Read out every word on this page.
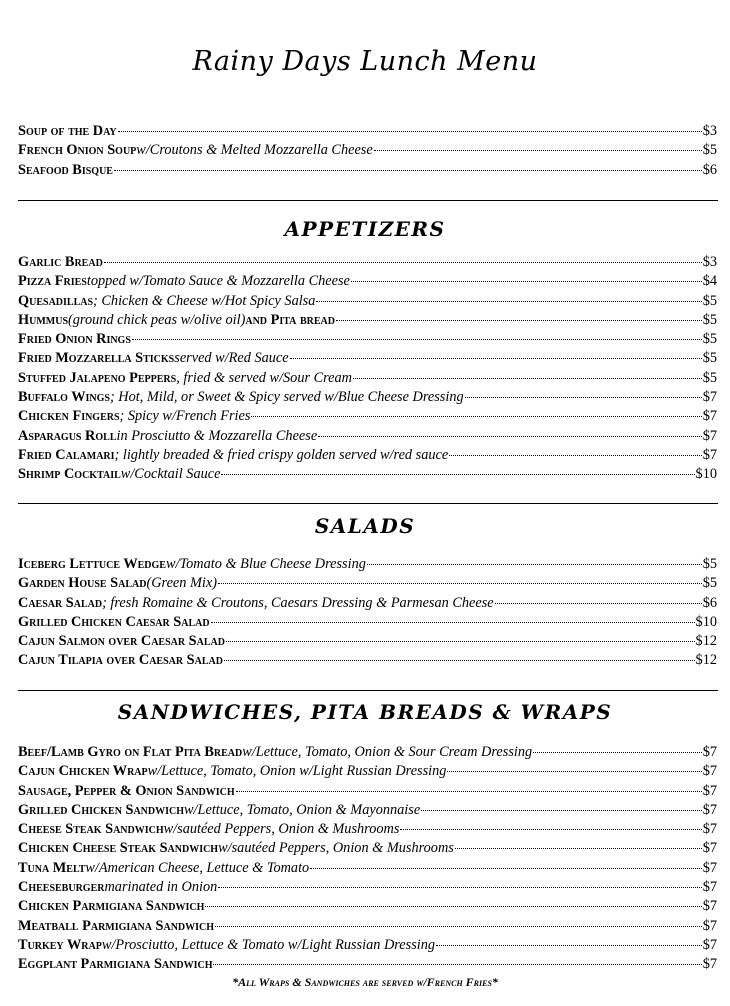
Rainy Days Lunch Menu
Soup of the Day	$3
French Onion Soup w/Croutons & Melted Mozzarella Cheese	$5
Seafood Bisque	$6
APPETIZERS
Garlic Bread	$3
Pizza Fries topped w/Tomato Sauce & Mozzarella Cheese	$4
Quesadillas ; Chicken & Cheese w/Hot Spicy Salsa	$5
Hummus (ground chick peas w/olive oil) and Pita bread	$5
Fried Onion Rings	$5
Fried Mozzarella Sticks served w/Red Sauce	$5
Stuffed Jalapeno Peppers , fried & served w/Sour Cream	$5
Buffalo Wings ; Hot, Mild, or Sweet & Spicy served w/Blue Cheese Dressing	$7
Chicken Fingers ; Spicy w/French Fries	$7
Asparagus Roll in Prosciutto & Mozzarella Cheese	$7
Fried Calamari ; lightly breaded & fried crispy golden served w/red sauce	$7
Shrimp Cocktail w/Cocktail Sauce	$10
SALADS
Iceberg Lettuce Wedge w/Tomato & Blue Cheese Dressing	$5
Garden House Salad (Green Mix)	$5
Caesar Salad ; fresh Romaine & Croutons, Caesars Dressing & Parmesan Cheese	$6
Grilled Chicken Caesar Salad	$10
Cajun Salmon over Caesar Salad	$12
Cajun Tilapia over Caesar Salad	$12
SANDWICHES, PITA BREADS & WRAPS
Beef/Lamb Gyro on Flat Pita Bread w/Lettuce, Tomato, Onion & Sour Cream Dressing	$7
Cajun Chicken Wrap w/Lettuce, Tomato, Onion w/Light Russian Dressing	$7
Sausage, Pepper & Onion Sandwich	$7
Grilled Chicken Sandwich w/Lettuce, Tomato, Onion & Mayonnaise	$7
Cheese Steak Sandwich w/sautéed Peppers, Onion & Mushrooms	$7
Chicken Cheese Steak Sandwich w/sautéed Peppers, Onion & Mushrooms	$7
Tuna Melt w/American Cheese, Lettuce & Tomato	$7
Cheeseburger marinated in Onion	$7
Chicken Parmigiana Sandwich	$7
Meatball Parmigiana Sandwich	$7
Turkey Wrap w/Prosciutto, Lettuce & Tomato w/Light Russian Dressing	$7
Eggplant Parmigiana Sandwich	$7
*All Wraps & Sandwiches are served w/French Fries*
